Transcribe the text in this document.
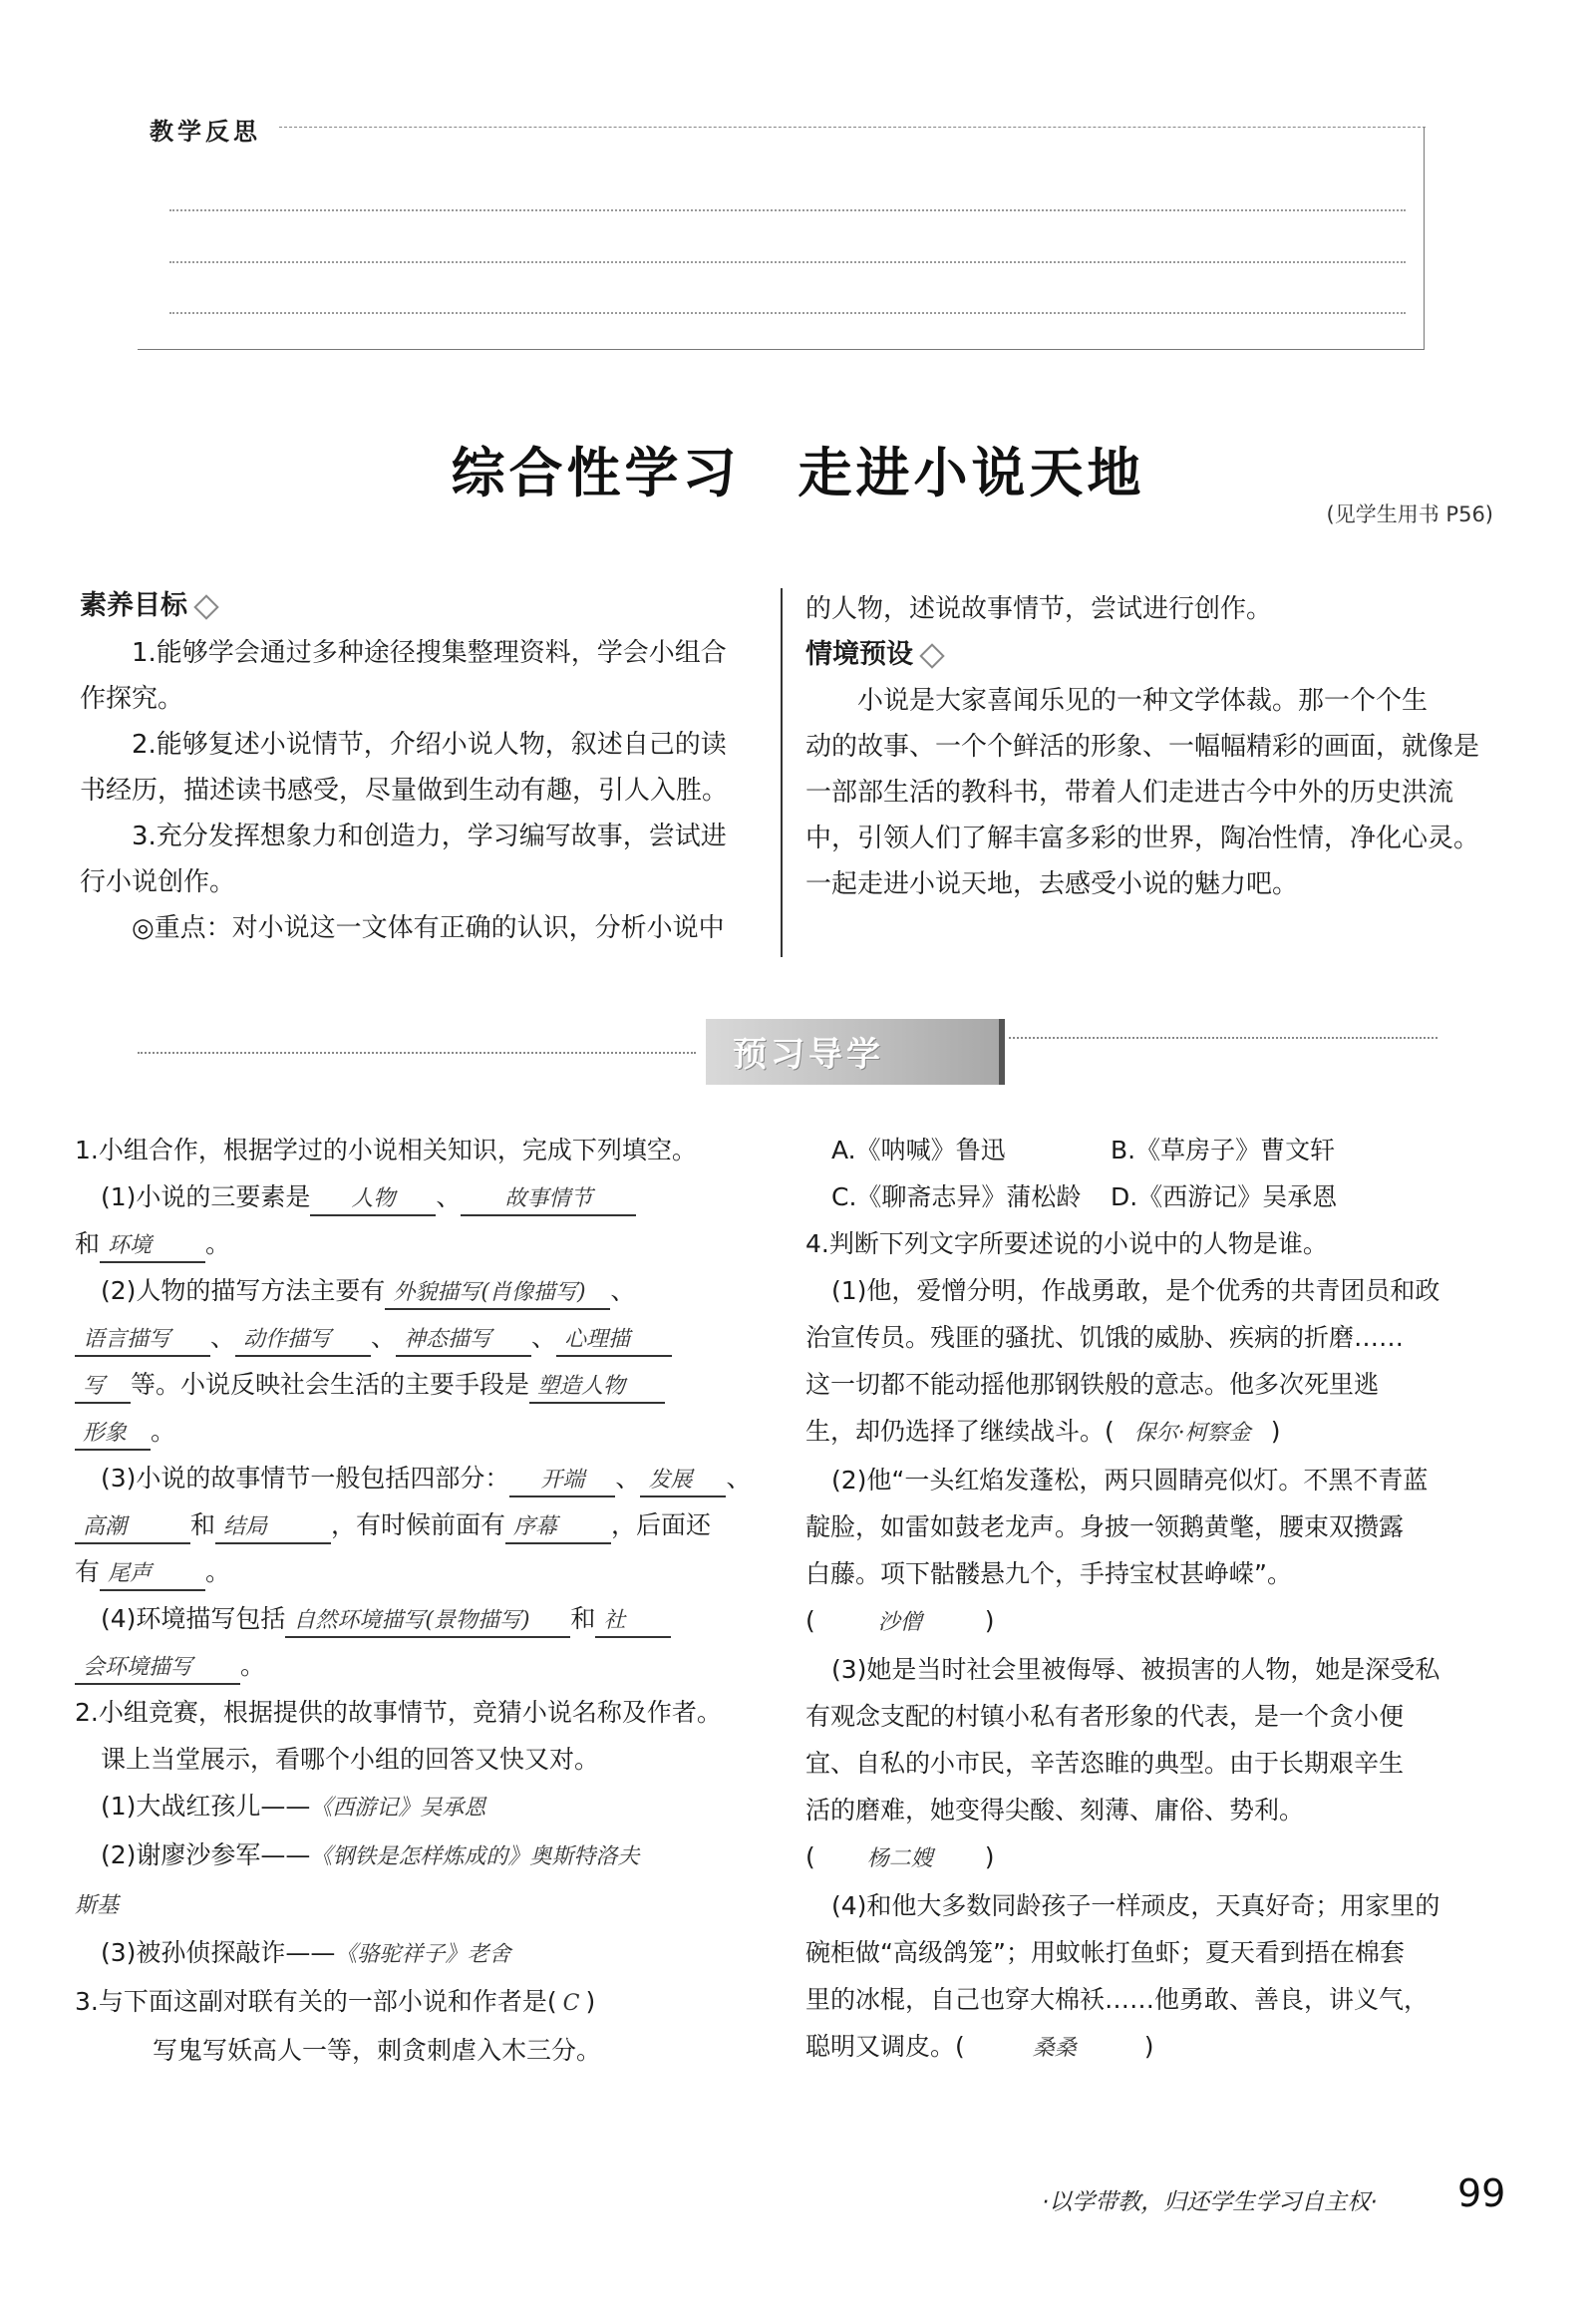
教学反思
综合性学习　走进小说天地
(见学生用书 P56)
素养目标
1.能够学会通过多种途径搜集整理资料，学会小组合
作探究。
2.能够复述小说情节，介绍小说人物，叙述自己的读
书经历，描述读书感受，尽量做到生动有趣，引人入胜。
3.充分发挥想象力和创造力，学习编写故事，尝试进
行小说创作。
◎重点：对小说这一文体有正确的认识，分析小说中
的人物，述说故事情节，尝试进行创作。
情境预设
小说是大家喜闻乐见的一种文学体裁。那一个个生
动的故事、一个个鲜活的形象、一幅幅精彩的画面，就像是
一部部生活的教科书，带着人们走进古今中外的历史洪流
中，引领人们了解丰富多彩的世界，陶冶性情，净化心灵。
一起走进小说天地，去感受小说的魅力吧。
预习导学
1.小组合作，根据学过的小说相关知识，完成下列填空。
(1)小说的三要素是 人物 、 故事情节
和 环境 。
(2)人物的描写方法主要有 外貌描写(肖像描写) 、
语言描写 、 动作描写 、 神态描写 、 心理描
写 等。小说反映社会生活的主要手段是 塑造人物
形象 。
(3)小说的故事情节一般包括四部分： 开端 、 发展 、
高潮	和 结局	，有时候前面有 序幕 ，后面还
有 尾声 。
(4)环境描写包括 自然环境描写(景物描写) 和 社
会环境描写 。
2.小组竞赛，根据提供的故事情节，竞猜小说名称及作者。
课上当堂展示，看哪个小组的回答又快又对。
(1)大战红孩儿——《西游记》吴承恩
(2)谢廖沙参军——《钢铁是怎样炼成的》奥斯特洛夫
斯基
(3)被孙侦探敲诈——《骆驼祥子》老舍
3.与下面这副对联有关的一部小说和作者是( C )
写鬼写妖高人一等，刺贪刺虐入木三分。
A.《呐喊》鲁迅	B.《草房子》曹文轩
C.《聊斋志异》蒲松龄 D.《西游记》吴承恩
4.判断下列文字所要述说的小说中的人物是谁。
(1)他，爱憎分明，作战勇敢，是个优秀的共青团员和政
治宣传员。残匪的骚扰、饥饿的威胁、疾病的折磨……
这一切都不能动摇他那钢铁般的意志。他多次死里逃
生，却仍选择了继续战斗。( 保尔·柯察金 )
(2)他“一头红焰发蓬松，两只圆睛亮似灯。不黑不青蓝
靛脸，如雷如鼓老龙声。身披一领鹅黄氅，腰束双攒露
白藤。项下骷髅悬九个，手持宝杖甚峥嵘”。
(	沙僧	)
(3)她是当时社会里被侮辱、被损害的人物，她是深受私
有观念支配的村镇小私有者形象的代表，是一个贪小便
宜、自私的小市民，辛苦恣睢的典型。由于长期艰辛生
活的磨难，她变得尖酸、刻薄、庸俗、势利。
( 杨二嫂 )
(4)和他大多数同龄孩子一样顽皮，天真好奇；用家里的
碗柜做“高级鸽笼”；用蚊帐打鱼虾；夏天看到捂在棉套
里的冰棍，自己也穿大棉袄……他勇敢、善良，讲义气，
聪明又调皮。(	桑桑	)
·以学带教，归还学生学习自主权· 99
